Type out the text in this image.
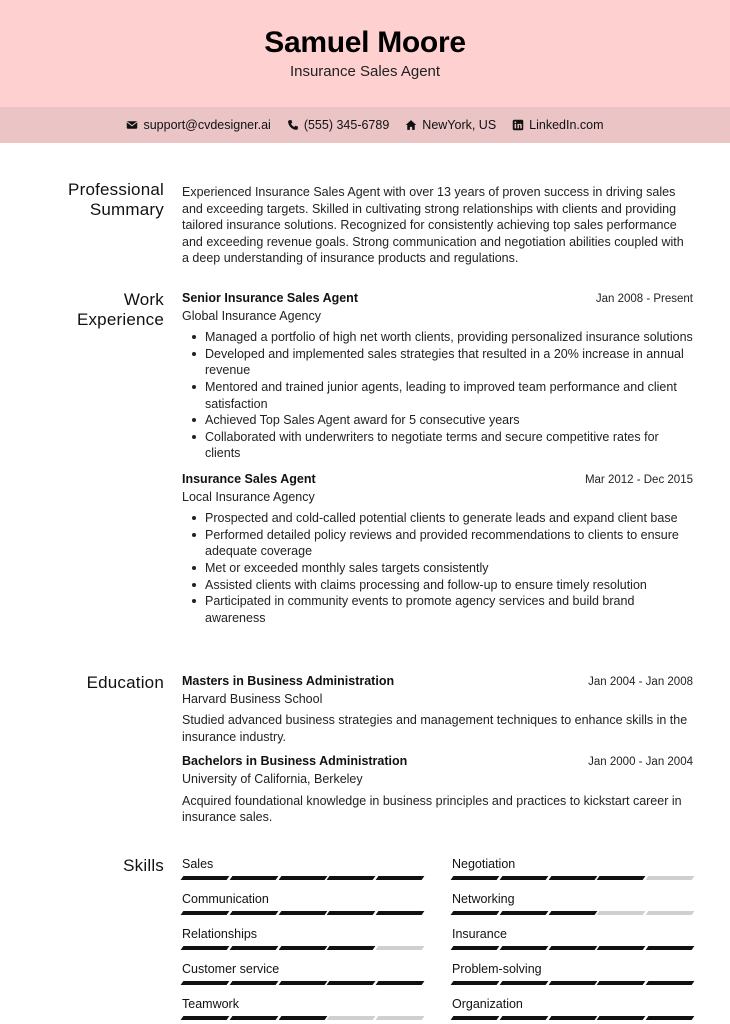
Samuel Moore
Insurance Sales Agent
support@cvdesigner.ai	(555) 345-6789	NewYork, US	LinkedIn.com
Professional
Summary
Experienced Insurance Sales Agent with over 13 years of proven success in driving sales and exceeding targets. Skilled in cultivating strong relationships with clients and providing tailored insurance solutions. Recognized for consistently achieving top sales performance and exceeding revenue goals. Strong communication and negotiation abilities coupled with a deep understanding of insurance products and regulations.
Work
Experience
Senior Insurance Sales Agent	Jan 2008 - Present
Global Insurance Agency
Managed a portfolio of high net worth clients, providing personalized insurance solutions
Developed and implemented sales strategies that resulted in a 20% increase in annual revenue
Mentored and trained junior agents, leading to improved team performance and client satisfaction
Achieved Top Sales Agent award for 5 consecutive years
Collaborated with underwriters to negotiate terms and secure competitive rates for clients
Insurance Sales Agent	Mar 2012 - Dec 2015
Local Insurance Agency
Prospected and cold-called potential clients to generate leads and expand client base
Performed detailed policy reviews and provided recommendations to clients to ensure adequate coverage
Met or exceeded monthly sales targets consistently
Assisted clients with claims processing and follow-up to ensure timely resolution
Participated in community events to promote agency services and build brand awareness
Education Masters in Business Administration	Jan 2004 - Jan 2008
Harvard Business School
Studied advanced business strategies and management techniques to enhance skills in the insurance industry.
Bachelors in Business Administration	Jan 2000 - Jan 2004
University of California, Berkeley
Acquired foundational knowledge in business principles and practices to kickstart career in insurance sales.
Skills Sales	Negotiation
Communication	Networking
Relationships	Insurance
Customer service	Problem-solving
Teamwork	Organization
